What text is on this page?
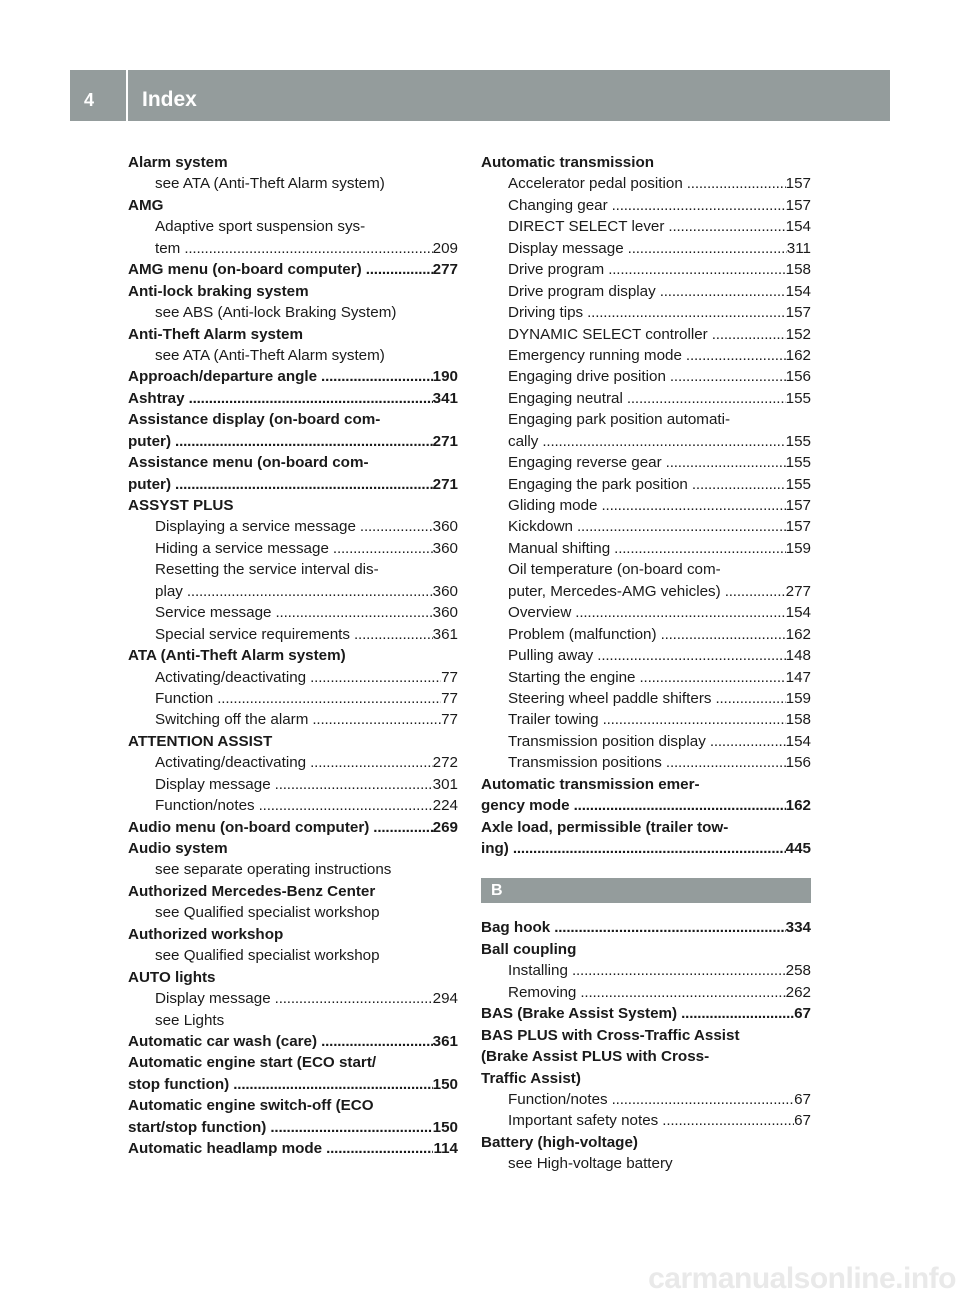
4 Index
Alarm system
see ATA (Anti-Theft Alarm system)
AMG
Adaptive sport suspension sys-
tem . . .	209
AMG menu (on-board computer) . . .	277
Anti-lock braking system
see ABS (Anti-lock Braking System)
Anti-Theft Alarm system
see ATA (Anti-Theft Alarm system)
Approach/departure angle . . .	190
Ashtray . . .	341
Assistance display (on-board com-
puter) . . .	271
Assistance menu (on-board com-
puter) . . .	271
ASSYST PLUS
Displaying a service message . . .	360
Hiding a service message . . .	360
Resetting the service interval dis-
play . . .	360
Service message . . .	360
Special service requirements . . .	361
ATA (Anti-Theft Alarm system)
Activating/deactivating . . .	77
Function . . .	77
Switching off the alarm . . .	77
ATTENTION ASSIST
Activating/deactivating . . .	272
Display message . . .	301
Function/notes . . .	224
Audio menu (on-board computer) . . .	269
Audio system
see separate operating instructions
Authorized Mercedes-Benz Center
see Qualified specialist workshop
Authorized workshop
see Qualified specialist workshop
AUTO lights
Display message . . .	294
see Lights
Automatic car wash (care) . . .	361
Automatic engine start (ECO start/
stop function) . . .	150
Automatic engine switch-off (ECO
start/stop function) . . .	150
Automatic headlamp mode . . .	114
Automatic transmission
Accelerator pedal position . . .	157
Changing gear . . .	157
DIRECT SELECT lever . . .	154
Display message . . .	311
Drive program . . .	158
Drive program display . . .	154
Driving tips . . .	157
DYNAMIC SELECT controller . . .	152
Emergency running mode . . .	162
Engaging drive position . . .	156
Engaging neutral . . .	155
Engaging park position automati-
cally . . .	155
Engaging reverse gear . . .	155
Engaging the park position . . .	155
Gliding mode . . .	157
Kickdown . . .	157
Manual shifting . . .	159
Oil temperature (on-board com-
puter, Mercedes-AMG vehicles) . . .	277
Overview . . .	154
Problem (malfunction) . . .	162
Pulling away . . .	148
Starting the engine . . .	147
Steering wheel paddle shifters . . .	159
Trailer towing . . .	158
Transmission position display . . .	154
Transmission positions . . .	156
Automatic transmission emer-
gency mode . . .	162
Axle load, permissible (trailer tow-
ing) . . .	445
B
Bag hook . . .	334
Ball coupling
Installing . . .	258
Removing . . .	262
BAS (Brake Assist System) . . .	67
BAS PLUS with Cross-Traffic Assist
(Brake Assist PLUS with Cross-
Traffic Assist)
Function/notes . . .	67
Important safety notes . . .	67
Battery (high-voltage)
see High-voltage battery
carmanualsonline.info
